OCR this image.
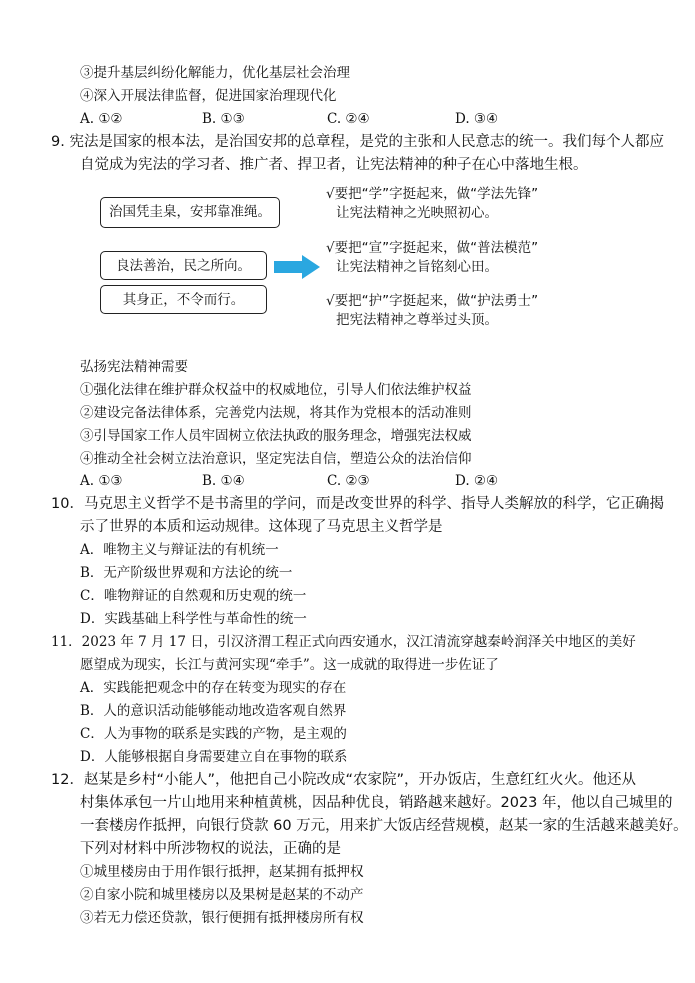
③提升基层纠纷化解能力，优化基层社会治理
④深入开展法律监督，促进国家治理现代化
A. ①②	B. ①③	C. ②④	D. ③④
9. 宪法是国家的根本法，是治国安邦的总章程，是党的主张和人民意志的统一。我们每个人都应
自觉成为宪法的学习者、推广者、捍卫者，让宪法精神的种子在心中落地生根。
治国凭圭臬，安邦靠准绳。
良法善治，民之所向。
其身正，不令而行。
√要把“学”字挺起来，做“学法先锋”
让宪法精神之光映照初心。
√要把“宣”字挺起来，做“普法模范”
让宪法精神之旨铭刻心田。
√要把“护”字挺起来，做“护法勇士”
把宪法精神之尊举过头顶。
弘扬宪法精神需要
①强化法律在维护群众权益中的权威地位，引导人们依法维护权益
②建设完备法律体系，完善党内法规，将其作为党根本的活动准则
③引导国家工作人员牢固树立依法执政的服务理念，增强宪法权威
④推动全社会树立法治意识，坚定宪法自信，塑造公众的法治信仰
A. ①③	B. ①④	C. ②③	D. ②④
10．马克思主义哲学不是书斋里的学问，而是改变世界的科学、指导人类解放的科学，它正确揭
示了世界的本质和运动规律。这体现了马克思主义哲学是
A．唯物主义与辩证法的有机统一
B．无产阶级世界观和方法论的统一
C．唯物辩证的自然观和历史观的统一
D．实践基础上科学性与革命性的统一
11．2023 年 7 月 17 日，引汉济渭工程正式向西安通水，汉江清流穿越秦岭润泽关中地区的美好
愿望成为现实，长江与黄河实现“牵手”。这一成就的取得进一步佐证了
A．实践能把观念中的存在转变为现实的存在
B．人的意识活动能够能动地改造客观自然界
C．人为事物的联系是实践的产物，是主观的
D．人能够根据自身需要建立自在事物的联系
12．赵某是乡村“小能人”，他把自己小院改成“农家院”，开办饭店，生意红红火火。他还从
村集体承包一片山地用来种植黄桃，因品种优良，销路越来越好。2023 年，他以自己城里的
一套楼房作抵押，向银行贷款 60 万元，用来扩大饭店经营规模，赵某一家的生活越来越美好。
下列对材料中所涉物权的说法，正确的是
①城里楼房由于用作银行抵押，赵某拥有抵押权
②自家小院和城里楼房以及果树是赵某的不动产
③若无力偿还贷款，银行便拥有抵押楼房所有权
